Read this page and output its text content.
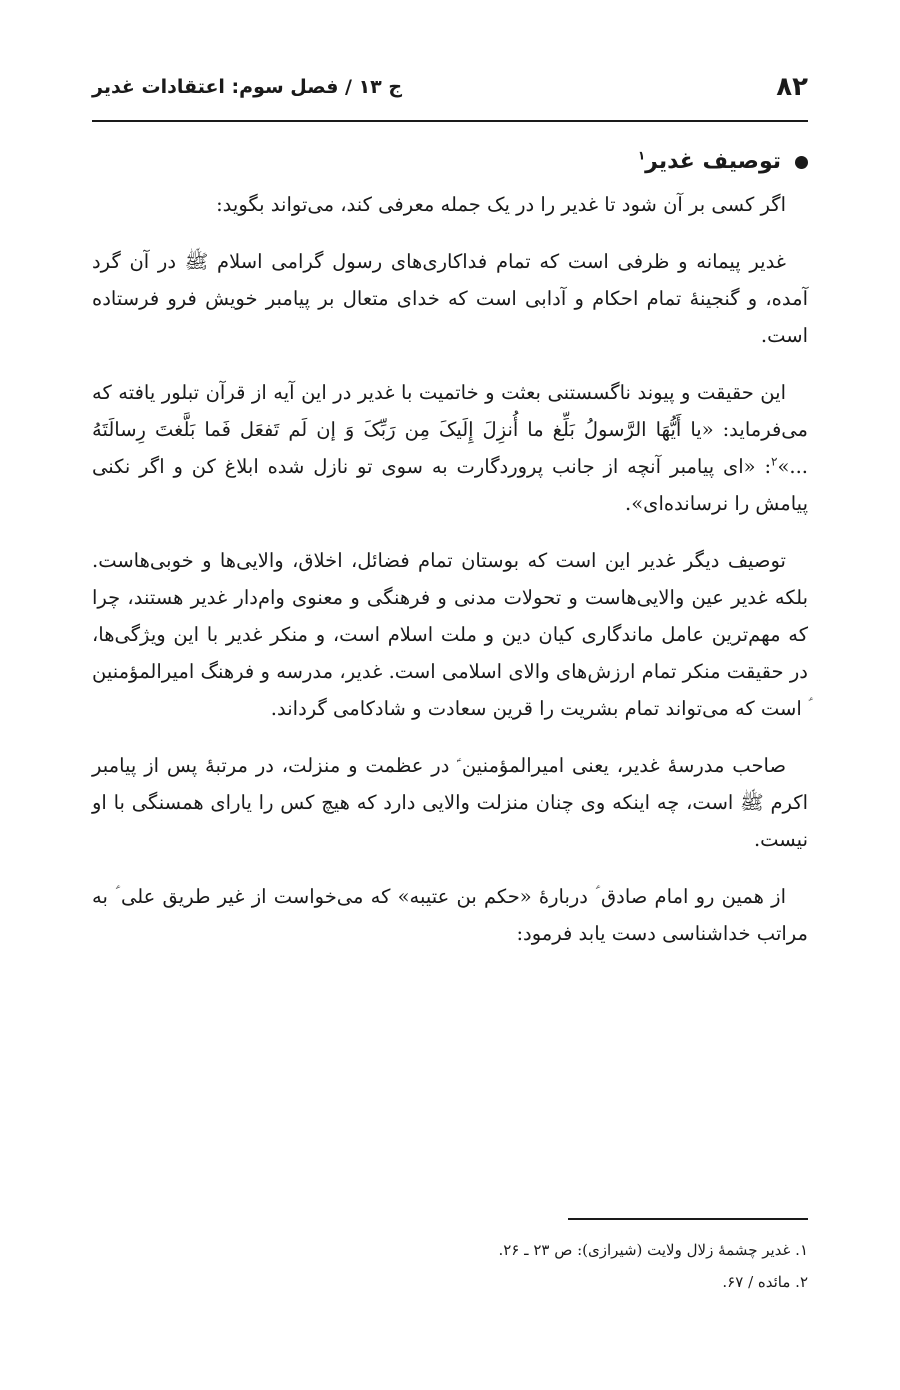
۸۲
ج ۱۳ / فصل سوم: اعتقادات غدیر
توصیف غدیر$^۱$

اگر کسی بر آن شود تا غدیر را در یک جمله معرفی کند، می‌تواند بگوید:

غدیر پیمانه و ظرفی است که تمام فداکاری‌های رسول گرامی اسلام ﷺ در آن گرد آمده، و گنجینهٔ تمام احکام و آدابی است که خدای متعال بر پیامبر خویش فرو فرستاده است.

این حقیقت و پیوند ناگسستنی بعثت و خاتمیت با غدیر در این آیه از قرآن تبلور یافته که می‌فرماید: «یا أَیُّهَا الرَّسولُ بَلِّغ ما أُنزِلَ إِلَیکَ مِن رَبِّکَ وَ إن لَم تَفعَل فَما بَلَّغتَ رِسالَتَهُ ...»$^۲$: «ای پیامبر آنچه از جانب پروردگارت به سوی تو نازل شده ابلاغ کن و اگر نکنی پیامش را نرسانده‌ای».

توصیف دیگر غدیر این است که بوستان تمام فضائل، اخلاق، والایی‌ها و خوبی‌هاست. بلکه غدیر عین والایی‌هاست و تحولات مدنی و فرهنگی و معنوی وام‌دار غدیر هستند، چرا که مهم‌ترین عامل ماندگاری کیان دین و ملت اسلام است، و منکر غدیر با این ویژگی‌ها، در حقیقت منکر تمام ارزش‌های والای اسلامی است. غدیر، مدرسه و فرهنگ امیرالمؤمنین ؑ است که می‌تواند تمام بشریت را قرین سعادت و شادکامی گرداند.

صاحب مدرسهٔ غدیر، یعنی امیرالمؤمنین ؑ در عظمت و منزلت، در مرتبهٔ پس از پیامبر اکرم ﷺ است، چه اینکه وی چنان منزلت والایی دارد که هیچ کس را یارای همسنگی با او نیست.

از همین رو امام صادق ؑ دربارهٔ «حکم بن عتیبه» که می‌خواست از غیر طریق علی ؑ به مراتب خداشناسی دست یابد فرمود:

۱. غدیر چشمهٔ زلال ولایت (شیرازی): ص ۲۳ ـ ۲۶.
۲. مائده / ۶۷.
